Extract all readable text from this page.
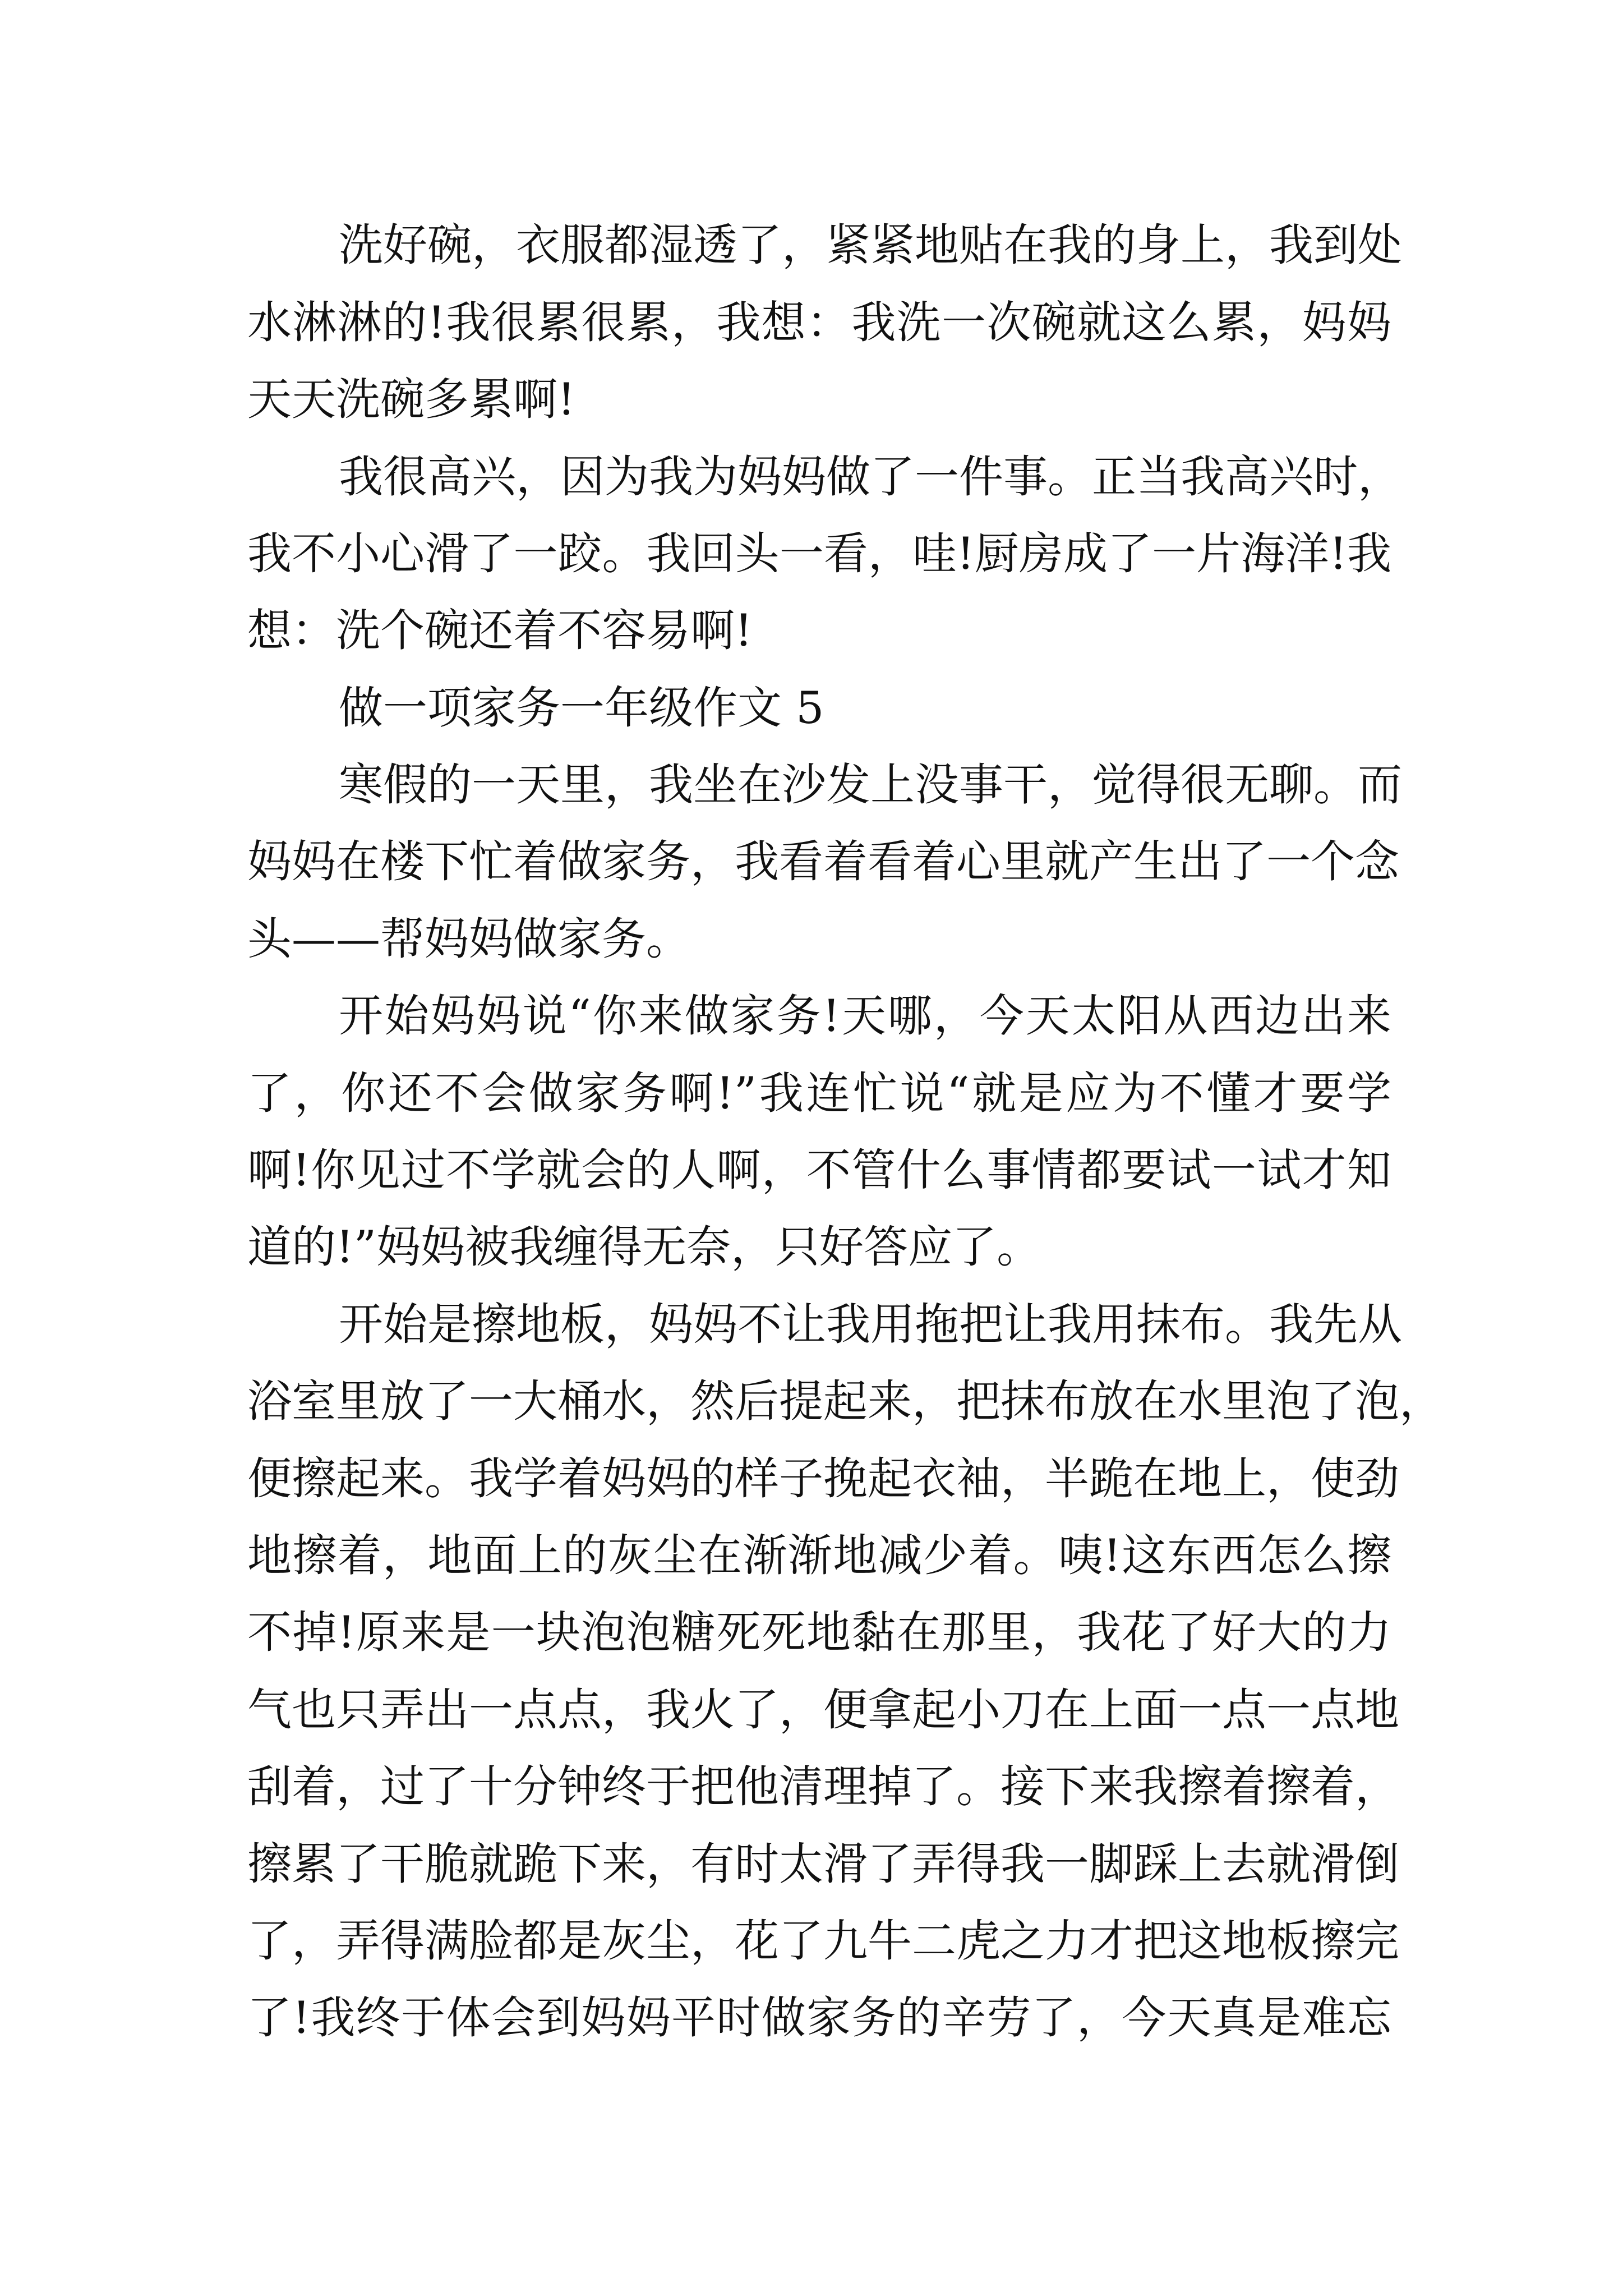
洗好碗，衣服都湿透了，紧紧地贴在我的身上，我到处
水淋淋的!我很累很累，我想：我洗一次碗就这么累，妈妈
天天洗碗多累啊!
我很高兴，因为我为妈妈做了一件事。正当我高兴时，
我不小心滑了一跤。我回头一看，哇!厨房成了一片海洋!我
想：洗个碗还着不容易啊!
做一项家务一年级作文 5
寒假的一天里，我坐在沙发上没事干，觉得很无聊。而
妈妈在楼下忙着做家务，我看着看着心里就产生出了一个念
头——帮妈妈做家务。
开始妈妈说“你来做家务!天哪，今天太阳从西边出来
了，你还不会做家务啊!”我连忙说“就是应为不懂才要学
啊!你见过不学就会的人啊，不管什么事情都要试一试才知
道的!”妈妈被我缠得无奈，只好答应了。
开始是擦地板，妈妈不让我用拖把让我用抹布。我先从
浴室里放了一大桶水，然后提起来，把抹布放在水里泡了泡，
便擦起来。我学着妈妈的样子挽起衣袖，半跪在地上，使劲
地擦着，地面上的灰尘在渐渐地减少着。咦!这东西怎么擦
不掉!原来是一块泡泡糖死死地黏在那里，我花了好大的力
气也只弄出一点点，我火了，便拿起小刀在上面一点一点地
刮着，过了十分钟终于把他清理掉了。接下来我擦着擦着，
擦累了干脆就跪下来，有时太滑了弄得我一脚踩上去就滑倒
了，弄得满脸都是灰尘，花了九牛二虎之力才把这地板擦完
了!我终于体会到妈妈平时做家务的辛劳了，今天真是难忘
